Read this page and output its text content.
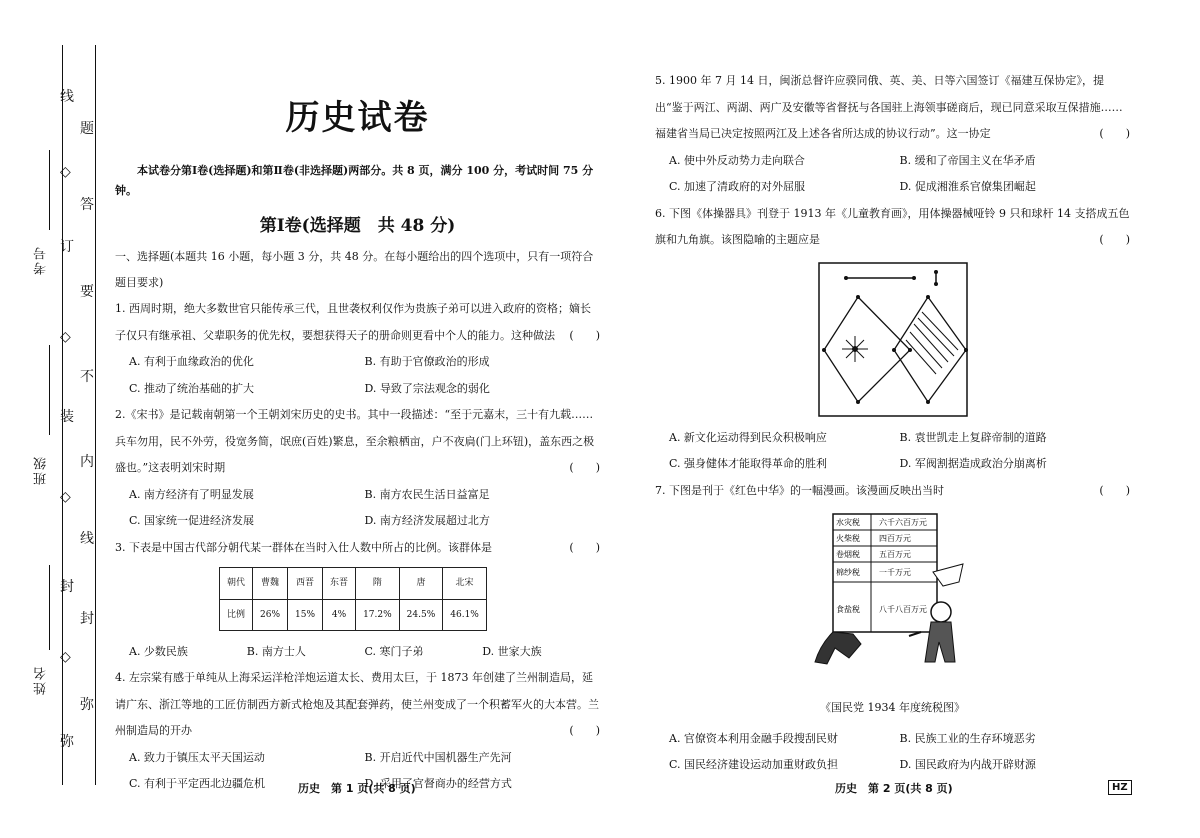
线
题
◇
答
订
要
◇
不
装
内
◇
线
封
封
◇
弥
弥
考号
班级
姓名
历史试卷
本试卷分第Ⅰ卷(选择题)和第Ⅱ卷(非选择题)两部分。共 8 页，满分 100 分，考试时间 75 分钟。
第Ⅰ卷(选择题　共 48 分)
一、选择题(本题共 16 小题，每小题 3 分，共 48 分。在每小题给出的四个选项中，只有一项符合题目要求)
1. 西周时期，绝大多数世官只能传承三代，且世袭权利仅作为贵族子弟可以进入政府的资格；嫡长子仅只有继承祖、父辈职务的优先权，要想获得天子的册命则更看中个人的能力。这种做法 (　　)
A. 有利于血缘政治的优化	B. 有助于官僚政治的形成
C. 推动了统治基础的扩大	D. 导致了宗法观念的弱化
2.《宋书》是记载南朝第一个王朝刘宋历史的史书。其中一段描述：“至于元嘉末，三十有九载……兵车勿用，民不外劳，役宽务简，氓庶(百姓)繁息，至余粮栖亩，户不夜扃(门上环钮)，盖东西之极盛也。”这表明刘宋时期	(　　)
A. 南方经济有了明显发展	B. 南方农民生活日益富足
C. 国家统一促进经济发展	D. 南方经济发展超过北方
3. 下表是中国古代部分朝代某一群体在当时入仕人数中所占的比例。该群体是	(　　)
朝代	曹魏	西晋	东晋	隋	唐	北宋
比例	26%	15%	4%	17.2%	24.5%	46.1%
A. 少数民族	B. 南方士人	C. 寒门子弟	D. 世家大族
4. 左宗棠有感于单纯从上海采运洋枪洋炮运道太长、费用太巨，于 1873 年创建了兰州制造局，延请广东、浙江等地的工匠仿制西方新式枪炮及其配套弹药，使兰州变成了一个积蓄军火的大本营。兰州制造局的开办	(　　)
A. 致力于镇压太平天国运动	B. 开启近代中国机器生产先河
C. 有利于平定西北边疆危机	D. 采用了官督商办的经营方式
5. 1900 年 7 月 14 日，闽浙总督许应骙同俄、英、美、日等六国签订《福建互保协定》，提出“鉴于两江、两湖、两广及安徽等省督抚与各国驻上海领事磋商后，现已同意采取互保措施……福建省当局已决定按照两江及上述各省所达成的协议行动”。这一协定	(　　)
A. 使中外反动势力走向联合	B. 缓和了帝国主义在华矛盾
C. 加速了清政府的对外屈服	D. 促成湘淮系官僚集团崛起
6. 下图《体操器具》刊登于 1913 年《儿童教育画》，用体操器械哑铃 9 只和球杆 14 支搭成五色旗和九角旗。该图隐喻的主题应是	(　　)
A. 新文化运动得到民众积极响应	B. 袁世凯走上复辟帝制的道路
C. 强身健体才能取得革命的胜利	D. 军阀割据造成政治分崩离析
7. 下图是刊于《红色中华》的一幅漫画。该漫画反映出当时	(　　)
水灾税 六千六百万元
火柴税 四百万元
卷烟税 五百万元
棉纱税 一千万元
食盐税 八千八百万元
《国民党 1934 年度统税图》
A. 官僚资本利用金融手段搜刮民财	B. 民族工业的生存环境恶劣
C. 国民经济建设运动加重财政负担	D. 国民政府为内战开辟财源
历史　第 1 页(共 8 页)	历史　第 2 页(共 8 页)	HZ
